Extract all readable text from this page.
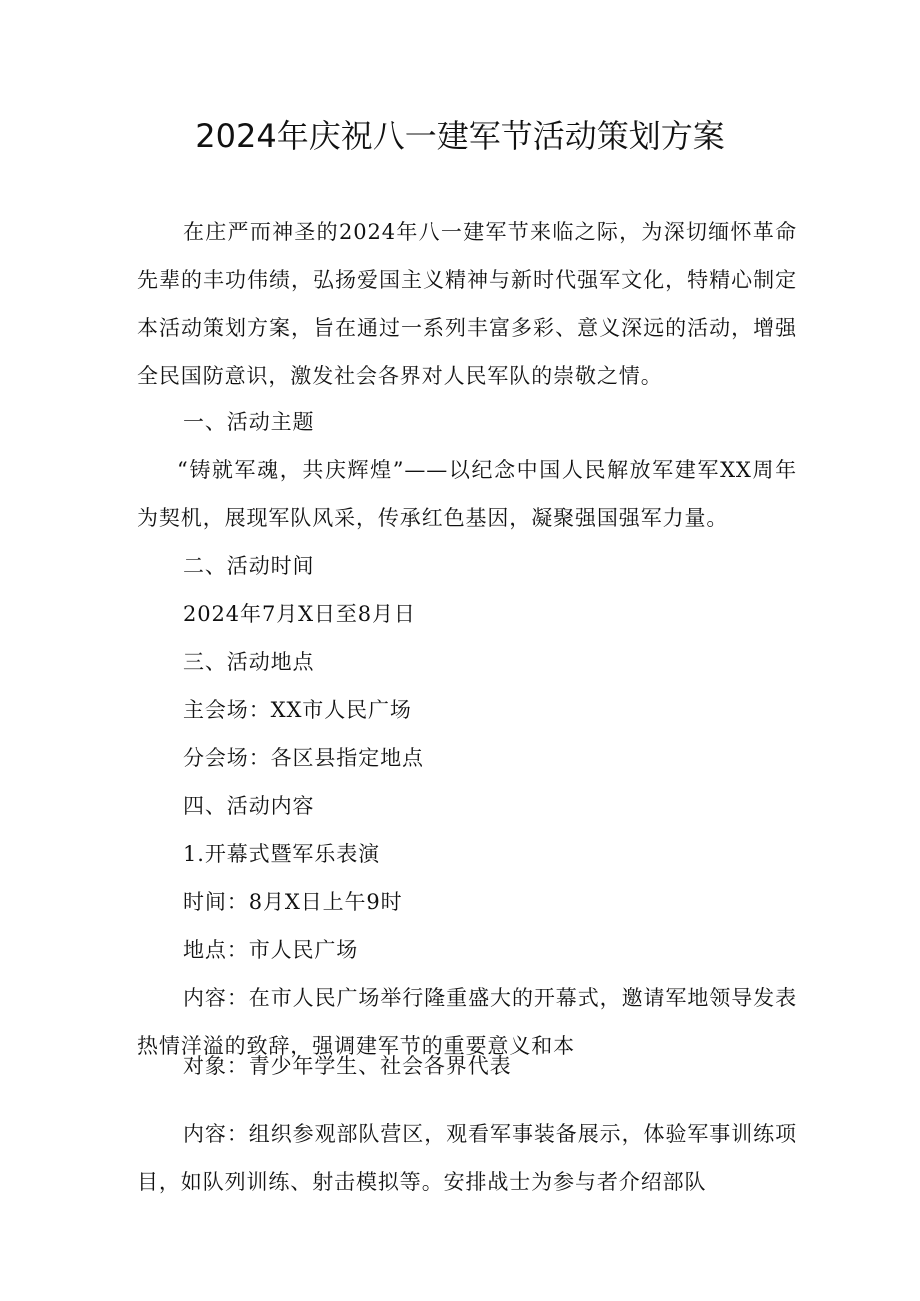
2024年庆祝八一建军节活动策划方案

在庄严而神圣的2024年八一建军节来临之际，为深切缅怀革命先辈的丰功伟绩，弘扬爱国主义精神与新时代强军文化，特精心制定本活动策划方案，旨在通过一系列丰富多彩、意义深远的活动，增强全民国防意识，激发社会各界对人民军队的崇敬之情。

一、活动主题

“铸就军魂，共庆辉煌”——以纪念中国人民解放军建军XX周年为契机，展现军队风采，传承红色基因，凝聚强国强军力量。

二、活动时间

2024年7月X日至8月日

三、活动地点

主会场：XX市人民广场

分会场：各区县指定地点

四、活动内容

1.开幕式暨军乐表演

时间：8月X日上午9时

地点：市人民广场

内容：在市人民广场举行隆重盛大的开幕式，邀请军地领导发表热情洋溢的致辞，强调建军节的重要意义和本

对象：青少年学生、社会各界代表

内容：组织参观部队营区，观看军事装备展示，体验军事训练项目，如队列训练、射击模拟等。安排战士为参与者介绍部队
